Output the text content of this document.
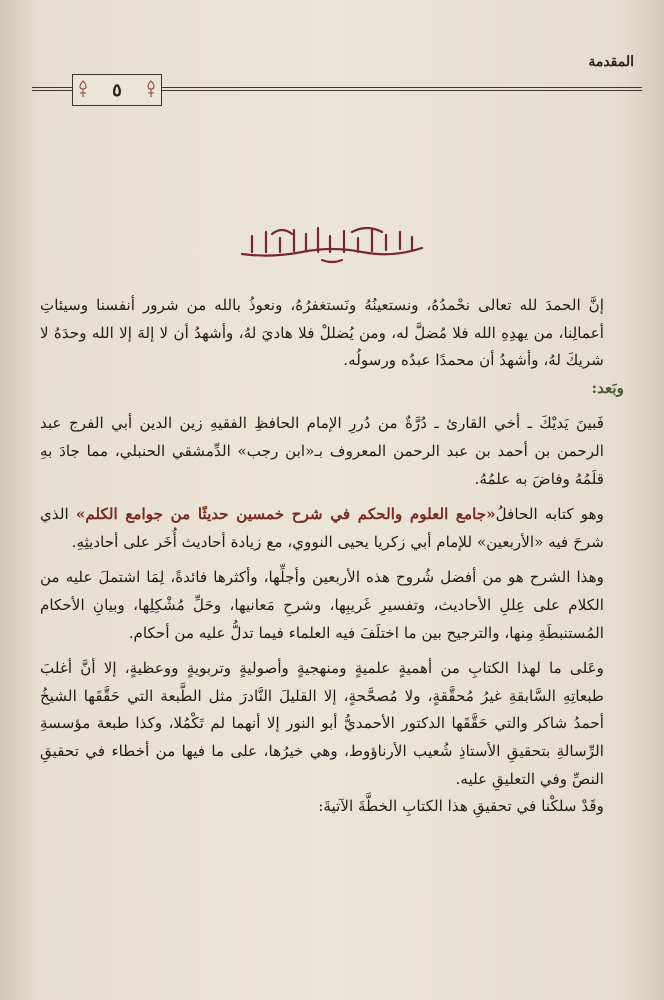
المقدمة
٥

إنَّ الحمدَ لله تعالى نحْمدُهُ، ونستعينُهُ ونَستغفرُهُ، ونعوذُ بالله من شرور أنفسنا وسيئاتِ أعمالِنا، من يهدِهِ الله فلا مُضلَّ له، ومن يُضللْ فلا هاديَ لهُ، وأشهدُ أن لا إلهَ إلا الله وحدَهُ لا شريكَ لهُ، وأشهدُ أن محمدًا عبدُه ورسولُه.

وبَعد:

فَبينَ يَديْكَ ـ أخي القارئ ـ دُرَّةٌ من دُررِ الإمام الحافظِ الفقيهِ زين الدين أبي الفرج عبد الرحمن بن أحمد بن عبد الرحمن المعروف بـ«ابن رجب» الدِّمشقي الحنبلي، مما جادَ بهِ قلَمُهُ وفاضَ به علمُهُ.

وهو كتابه الحافلُ«جامع العلوم والحكم في شرح خمسين حديثًا من جوامع الكلم» الذي شرحَ فيه «الأربعين» للإمام أبي زكريا يحيى النووي، مع زيادة أحاديث أُخَر على أحاديثِهِ.

وهذا الشرح هو من أفضل شُروح هذه الأربعين وأجلِّها، وأكثرها فائدةً، لِمَا اشتملَ عليه من الكلام على عِللِ الأحاديث، وتفسيرِ غَريبِها، وشرحِ مَعانيها، وحَلِّ مُشْكِلِها، وبيانِ الأحكام المُستنبطَةِ مِنها، والترجيح بين ما اختلَفَ فيه العلماء فيما تدلُّ عليه من أحكام.

وعَلى ما لهذا الكتابِ من أهميةٍ علميةٍ ومنهجيةٍ وأصوليةٍ وتربويةٍ ووعظيةٍ، إلا أنَّ أغلبَ طبعاتِهِ السَّابقةِ غيرُ مُحقَّقةٍ، ولا مُصحَّحةٍ، إلا القليلَ النَّادرَ مثل الطَّبعة التي حَقَّقَها الشيخُ أحمدُ شاكر والتي حَقَّقَها الدكتور الأحمديُّ أبو النور إلا أنهما لم تَكْمُلا، وكذا طبعة مؤسسةِ الرِّسالةِ بتحقيقِ الأستاذِ شُعيب الأرناؤوط، وهي خيرُها، على ما فيها من أخطاء في تحقيقِ النصِّ وفي التعليقِ عليه.

وقَدْ سلكْنا في تحقيقِ هذا الكتابِ الخطَّةَ الآتيةَ:
